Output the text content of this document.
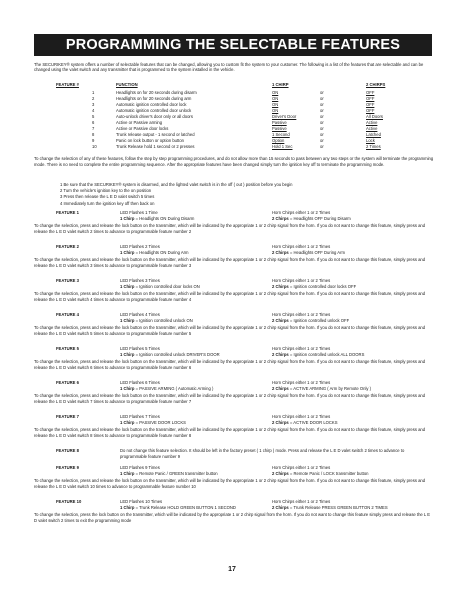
PROGRAMMING THE SELECTABLE FEATURES
The SECURIKEY® system offers a number of selectable features that can be changed, allowing you to custom fit the system to your customer. The following is a list of the features that are selectable and can be changed using the valet switch and any transmitter that is programmed to the system installed in the vehicle.
FEATURE #	FUNCTION	1 CHIRP	2 CHIRPS
1	Headlights on for 20 seconds during disarm	ON	or	OFF
2	Headlights on for 20 seconds during arm	ON	or	OFF
3	Automatic ignition controlled door lock	ON	or	OFF
4	Automatic ignition controlled door unlock	ON	or	OFF
5	Auto-unlock driver's door only or all doors	Driver's Door	or	All Doors
6	Active or Passive arming	Passive	or	Active
7	Active or Passive door locks	Passive	or	Active
8	Trunk release output - 1 second or latched	1 Second	or	Latched
9	Panic on lock button or option button	Option	or	Lock
10	Trunk Release hold 1 second or 2 presses	Hold 1 Sec	or	2 Times
To change the selection of any of these features, follow the step by step programming procedures, and do not allow more than 15 seconds to pass between any two steps or the system will terminate the programming mode. There is no need to complete the entire programming sequence. After the appropriate features have been changed simply turn the ignition key off to terminate the programming mode.
1 Be sure that the SECURIKEY® system is disarmed, and the lighted valet switch is in the off ( out ) position before you begin
2 Turn the vehicle's ignition key to the on position
3 Press then release the L E D valet switch 5 times
4 Immediately turn the ignition key off then back on
FEATURE 1	LED Flashes 1 Time
1 Chirp = Headlights ON During Disarm
Horn Chirps either 1 or 2 Times
2 Chirps = Headlights OFF During Disarm
To change the selection, press and release the lock button on the transmitter, which will be indicated by the appropriate 1 or 2 chirp signal from the horn. If you do not want to change this feature, simply press and release the L E D valet switch 2 times to advance to programmable feature number 2
FEATURE 2	LED Flashes 2 Times
1 Chirp = Headlights ON During Arm
Horn Chirps either 1 or 2 Times
2 Chirps = Headlights OFF During Arm
To change the selection, press and release the lock button on the transmitter, which will be indicated by the appropriate 1 or 2 chirp signal from the horn. If you do not want to change this feature, simply press and release the L E D valet switch 3 times to advance to programmable feature number 3
FEATURE 3	LED Flashes 3 Times
1 Chirp = Ignition controlled door locks ON
Horn Chirps either 1 or 2 Times
2 Chirps = Ignition controlled door locks OFF
To change the selection, press and release the lock button on the transmitter, which will be indicated by the appropriate 1 or 2 chirp signal from the horn. If you do not want to change this feature, simply press and release the L E D valet switch 4 times to advance to programmable feature number 4
FEATURE 4	LED Flashes 4 Times
1 Chirp = Ignition controlled unlock ON
Horn Chirps either 1 or 2 Times
2 Chirps = Ignition controlled unlock OFF
To change the selection, press and release the lock button on the transmitter, which will be indicated by the appropriate 1 or 2 chirp signal from the horn. If you do not want to change this feature, simply press and release the L E D valet switch 5 times to advance to programmable feature number 5
FEATURE 5	LED Flashes 5 Times
1 Chirp = Ignition controlled unlock DRIVER'S DOOR
Horn Chirps either 1 or 2 Times
2 Chirps = Ignition controlled unlock ALL DOORS
To change the selection, press and release the lock button on the transmitter, which will be indicated by the appropriate 1 or 2 chirp signal from the horn. If you do not want to change this feature, simply press and release the L E D valet switch 6 times to advance to programmable feature number 6
FEATURE 6	LED Flashes 6 Times
1 Chirp = PASSIVE ARMING ( Automatic Arming )
Horn Chirps either 1 or 2 Times
2 Chirps = ACTIVE ARMING ( Arm by Remote Only )
To change the selection, press and release the lock button on the transmitter, which will be indicated by the appropriate 1 or 2 chirp signal from the horn. If you do not want to change this feature, simply press and release the L E D valet switch 7 times to advance to programmable feature number 7
FEATURE 7	LED Flashes 7 Times
1 Chirp = PASSIVE DOOR LOCKS
Horn Chirps either 1 or 2 Times
2 Chirps = ACTIVE DOOR LOCKS
To change the selection, press and release the lock button on the transmitter, which will be indicated by the appropriate 1 or 2 chirp signal from the horn. If you do not want to change this feature, simply press and release the L E D valet switch 8 times to advance to programmable feature number 8
FEATURE 8	Do not change this feature selection. It should be left in the factory preset ( 1 chirp ) mode. Press and release the L E D valet switch 2 times to advance to programmable feature number 9
FEATURE 9	LED Flashes 9 Times
1 Chirp = Remote Panic / GREEN transmitter button
Horn Chirps either 1 or 2 Times
2 Chirps = Remote Panic / LOCK transmitter button
To change the selection, press and release the lock button on the transmitter, which will be indicated by the appropriate 1 or 2 chirp signal from the horn. If you do not want to change this feature, simply press and release the L E D valet switch 10 times to advance to programmable feature number 10
FEATURE 10	LED Flashes 10 Times
1 Chirp = Trunk Release HOLD GREEN BUTTON 1 SECOND
Horn Chirps either 1 or 2 Times
2 Chirps = Trunk Release PRESS GREEN BUTTON 2 TIMES
To change the selection, press the lock button on the transmitter, which will be indicated by the appropriate 1 or 2 chirp signal from the horn. If you do not want to change this feature simply press and release the L E D valet switch 2 times to exit the programming mode
17
